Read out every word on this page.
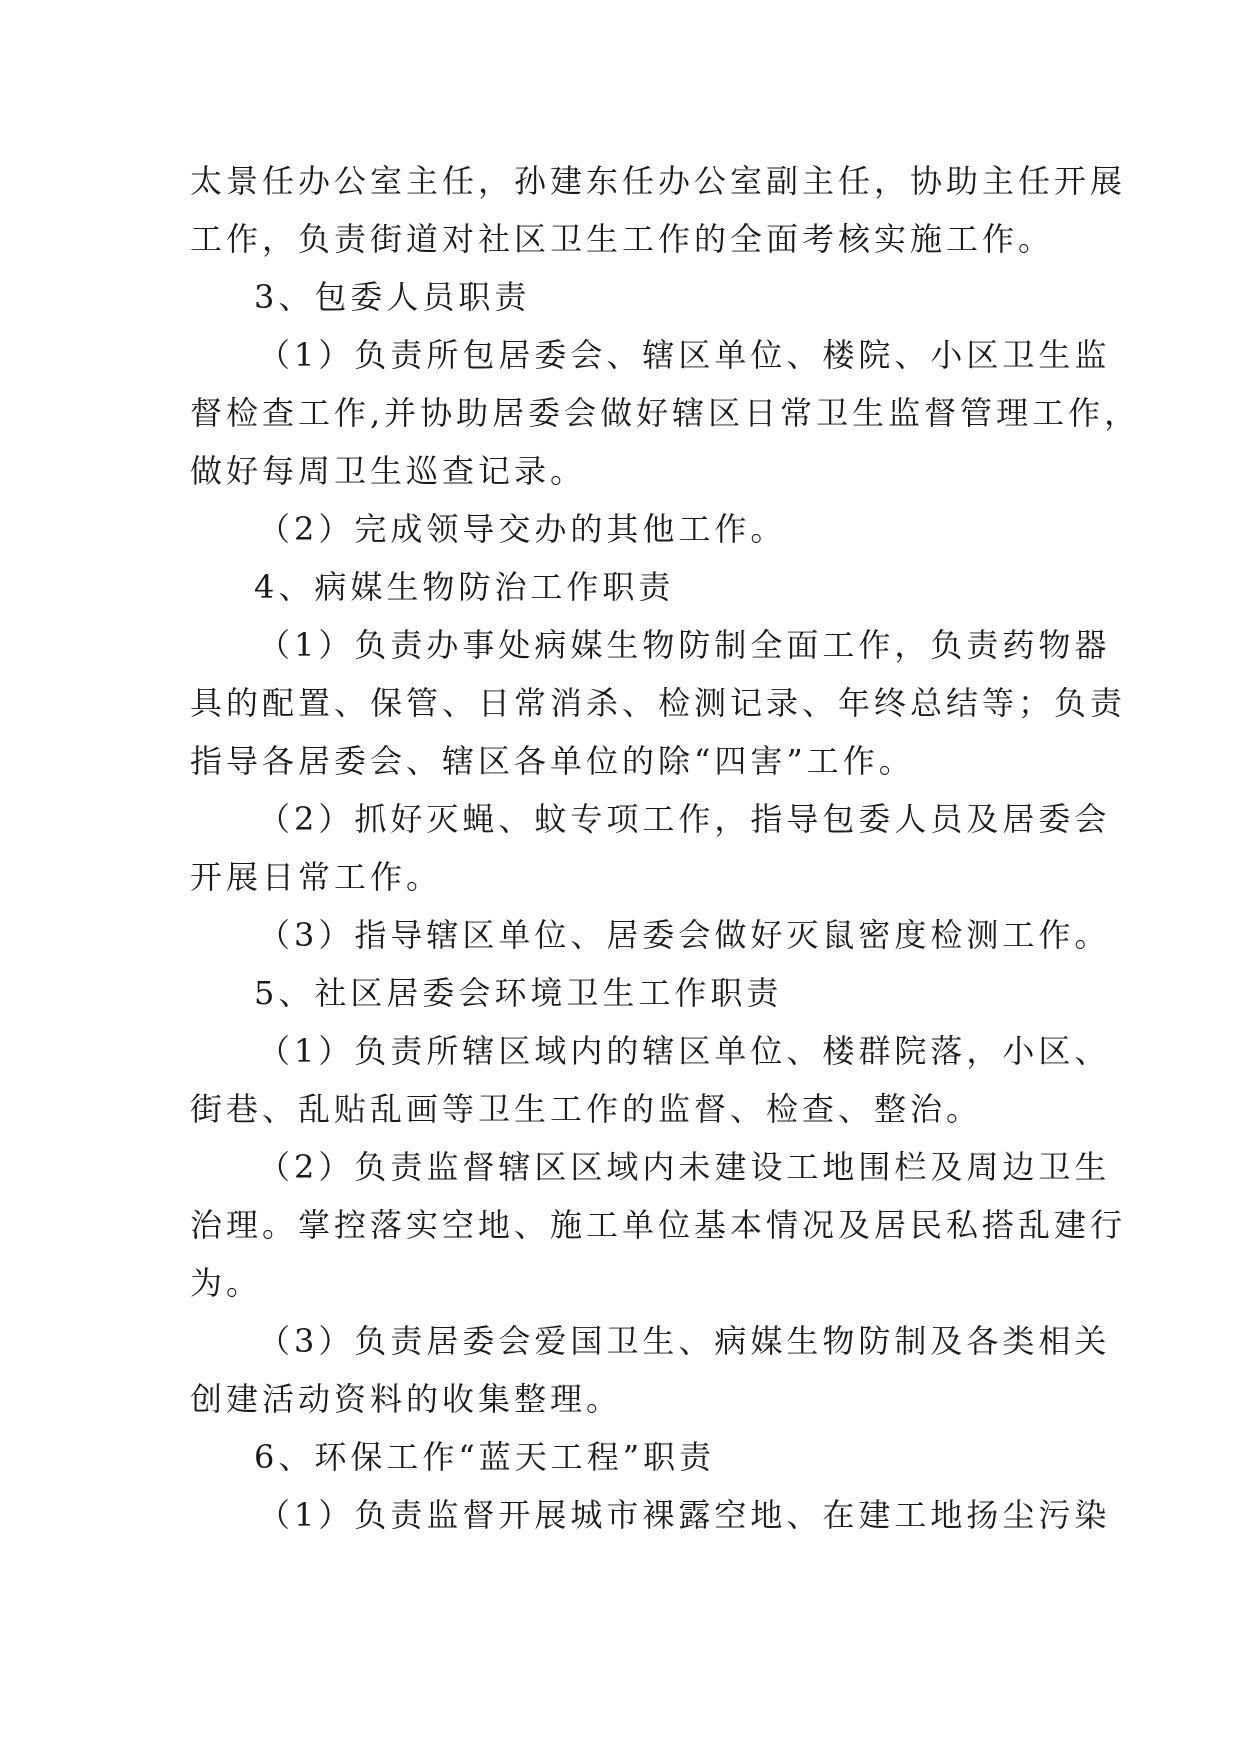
太景任办公室主任，孙建东任办公室副主任，协助主任开展
工作，负责街道对社区卫生工作的全面考核实施工作。
3、包委人员职责
（1）负责所包居委会、辖区单位、楼院、小区卫生监
督检查工作,并协助居委会做好辖区日常卫生监督管理工作，
做好每周卫生巡查记录。
（2）完成领导交办的其他工作。
4、病媒生物防治工作职责
（1）负责办事处病媒生物防制全面工作，负责药物器
具的配置、保管、日常消杀、检测记录、年终总结等；负责
指导各居委会、辖区各单位的除“四害”工作。
（2）抓好灭蝇、蚊专项工作，指导包委人员及居委会
开展日常工作。
（3）指导辖区单位、居委会做好灭鼠密度检测工作。
5、社区居委会环境卫生工作职责
（1）负责所辖区域内的辖区单位、楼群院落，小区、
街巷、乱贴乱画等卫生工作的监督、检查、整治。
（2）负责监督辖区区域内未建设工地围栏及周边卫生
治理。掌控落实空地、施工单位基本情况及居民私搭乱建行
为。
（3）负责居委会爱国卫生、病媒生物防制及各类相关
创建活动资料的收集整理。
6、环保工作“蓝天工程”职责
（1）负责监督开展城市裸露空地、在建工地扬尘污染
